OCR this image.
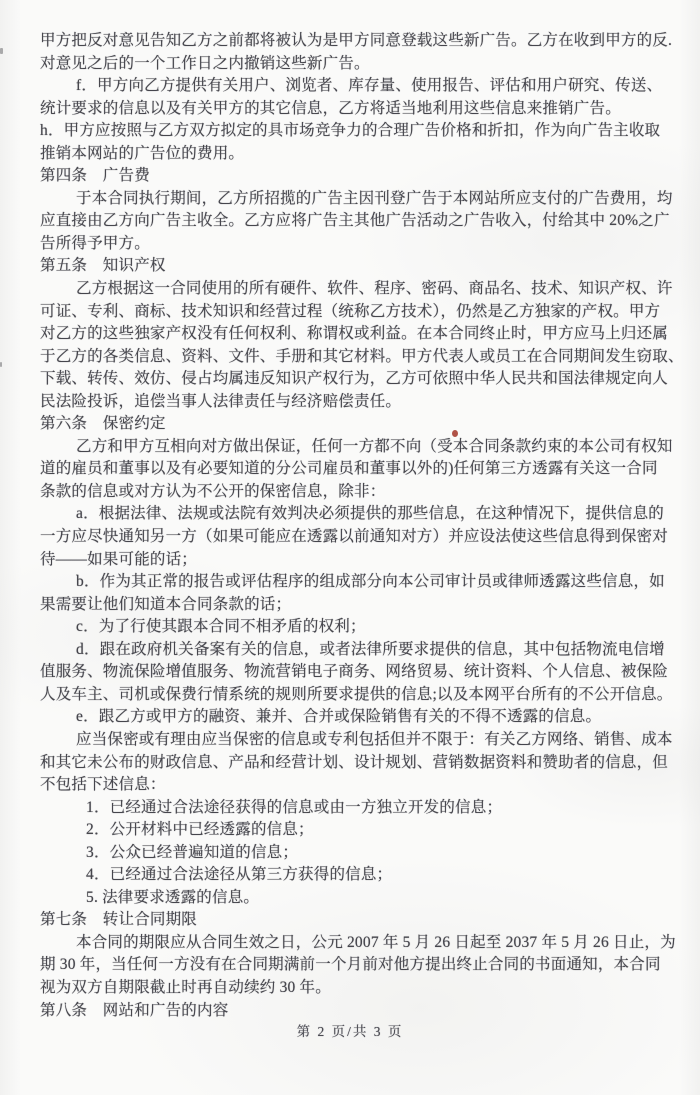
甲方把反对意见告知乙方之前都将被认为是甲方同意登载这些新广告。乙方在收到甲方的反.

对意见之后的一个工作日之内撤销这些新广告。

f．甲方向乙方提供有关用户、浏览者、库存量、使用报告、评估和用户研究、传送、

统计要求的信息以及有关甲方的其它信息，乙方将适当地利用这些信息来推销广告。

h．甲方应按照与乙方双方拟定的具市场竞争力的合理广告价格和折扣，作为向广告主收取

推销本网站的广告位的费用。

第四条　广告费

于本合同执行期间，乙方所招揽的广告主因刊登广告于本网站所应支付的广告费用，均

应直接由乙方向广告主收全。乙方应将广告主其他广告活动之广告收入，付给其中 20%之广

告所得予甲方。

第五条　知识产权

乙方根据这一合同使用的所有硬件、软件、程序、密码、商品名、技术、知识产权、许

可证、专利、商标、技术知识和经营过程（统称乙方技术），仍然是乙方独家的产权。甲方

对乙方的这些独家产权没有任何权利、称谓权或利益。在本合同终止时，甲方应马上归还属

于乙方的各类信息、资料、文件、手册和其它材料。甲方代表人或员工在合同期间发生窃取、

下载、转传、效仿、侵占均属违反知识产权行为，乙方可依照中华人民共和国法律规定向人

民法险投诉，追偿当事人法律责任与经济赔偿责任。

第六条　保密约定

乙方和甲方互相向对方做出保证，任何一方都不向（受本合同条款约束的本公司有权知

道的雇员和董事以及有必要知道的分公司雇员和董事以外的)任何第三方透露有关这一合同

条款的信息或对方认为不公开的保密信息，除非：

a．根据法律、法规或法院有效判决必须提供的那些信息，在这种情况下，提供信息的

一方应尽快通知另一方（如果可能应在透露以前通知对方）并应设法使这些信息得到保密对

待——如果可能的话；

b．作为其正常的报告或评估程序的组成部分向本公司审计员或律师透露这些信息，如

果需要让他们知道本合同条款的话；

c．为了行使其跟本合同不相矛盾的权利；

d．跟在政府机关备案有关的信息，或者法律所要求提供的信息，其中包括物流电信增

值服务、物流保险增值服务、物流营销电子商务、网络贸易、统计资料、个人信息、被保险

人及车主、司机或保费行情系统的规则所要求提供的信息;以及本网平台所有的不公开信息。

e．跟乙方或甲方的融资、兼并、合并或保险销售有关的不得不透露的信息。

应当保密或有理由应当保密的信息或专利包括但并不限于：有关乙方网络、销售、成本

和其它未公布的财政信息、产品和经营计划、设计规划、营销数据资料和赞助者的信息，但

不包括下述信息：

1．已经通过合法途径获得的信息或由一方独立开发的信息；

2．公开材料中已经透露的信息；

3．公众已经普遍知道的信息；

4．已经通过合法途径从第三方获得的信息；

5. 法律要求透露的信息。

第七条　转让合同期限

本合同的期限应从合同生效之日，公元 2007 年 5 月 26 日起至 2037 年 5 月 26 日止，为

期 30 年，当任何一方没有在合同期满前一个月前对他方提出终止合同的书面通知，本合同

视为双方自期限截止时再自动续约 30 年。

第八条　网站和广告的内容

第 2 页/共 3 页
